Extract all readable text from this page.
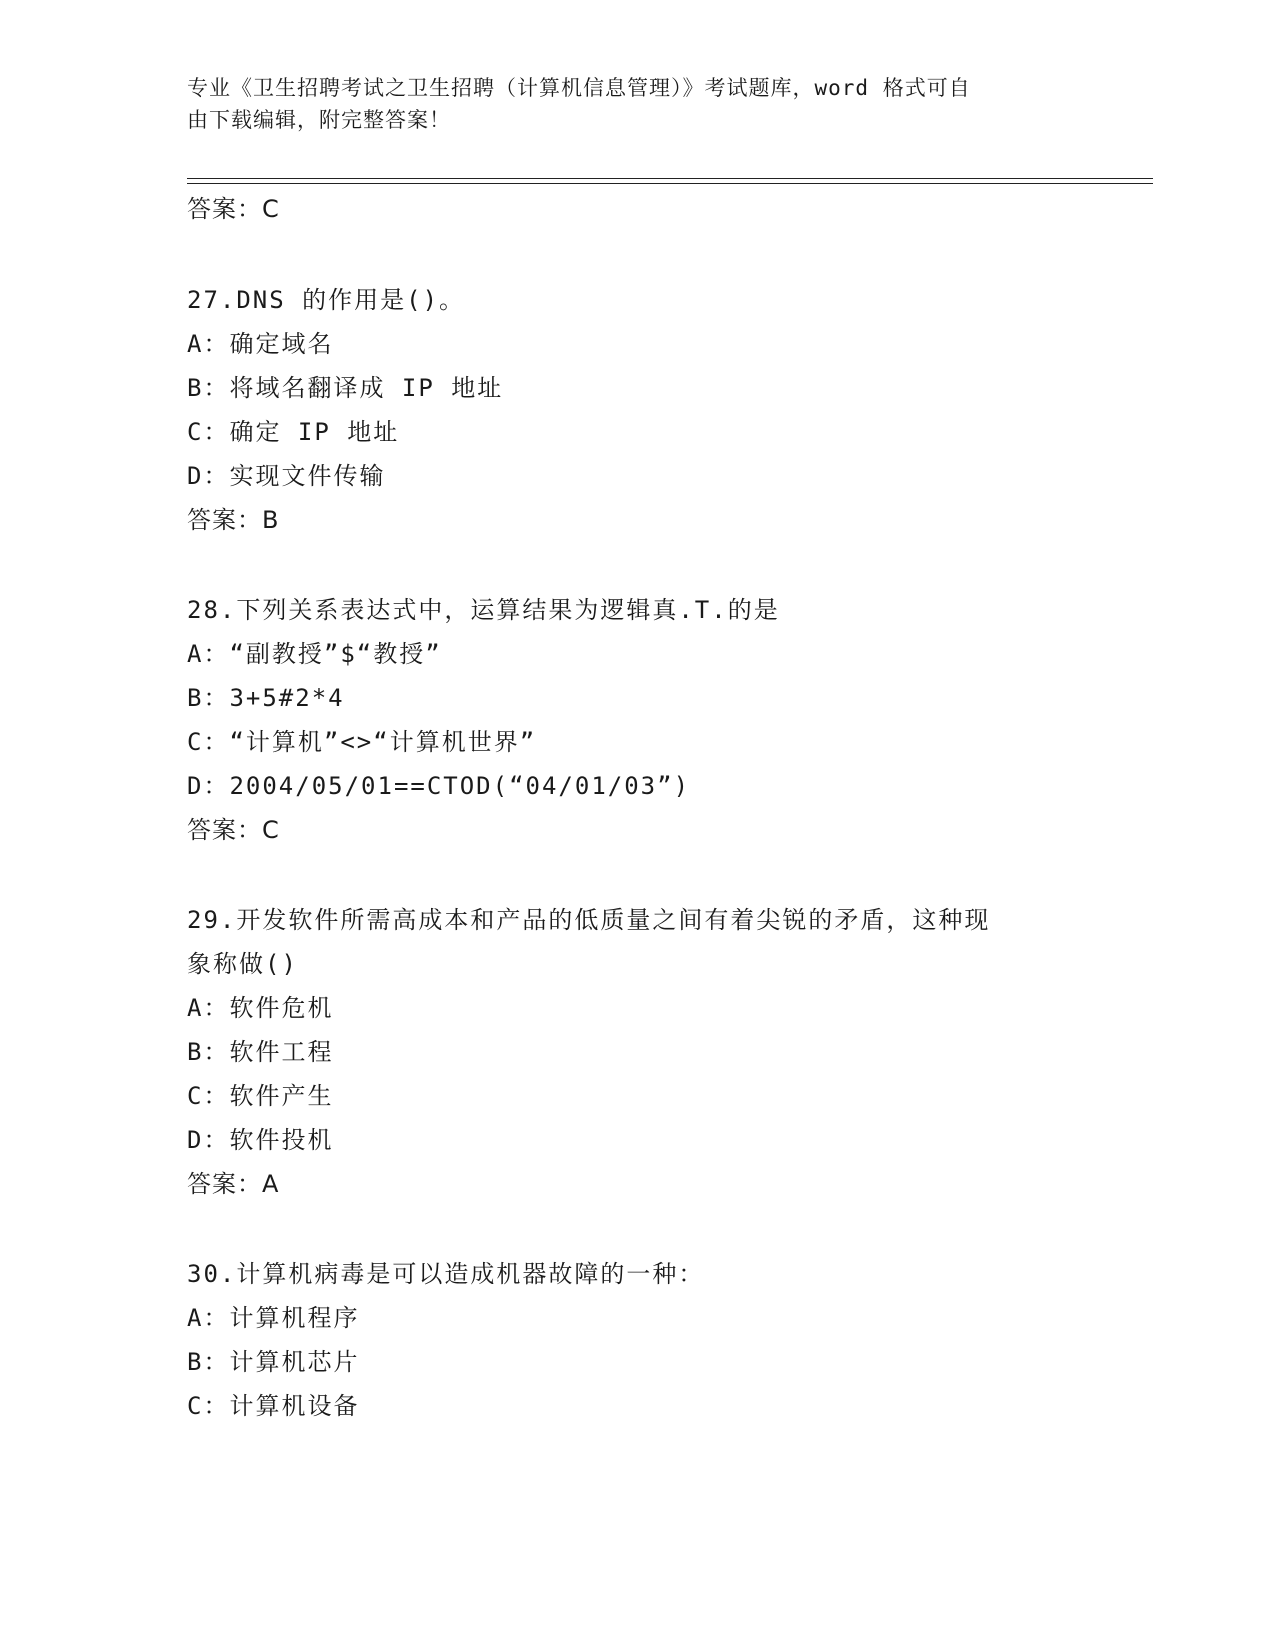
专业《卫生招聘考试之卫生招聘（计算机信息管理）》考试题库，word 格式可自
由下载编辑，附完整答案！
答案：C
27.DNS 的作用是()。
A：确定域名
B：将域名翻译成 IP 地址
C：确定 IP 地址
D：实现文件传输
答案：B
28.下列关系表达式中，运算结果为逻辑真.T.的是
A：“副教授”$“教授”
B：3+5#2*4
C：“计算机”<>“计算机世界”
D：2004/05/01==CTOD(“04/01/03”)
答案：C
29.开发软件所需高成本和产品的低质量之间有着尖锐的矛盾，这种现
象称做()
A：软件危机
B：软件工程
C：软件产生
D：软件投机
答案：A
30.计算机病毒是可以造成机器故障的一种：
A：计算机程序
B：计算机芯片
C：计算机设备
